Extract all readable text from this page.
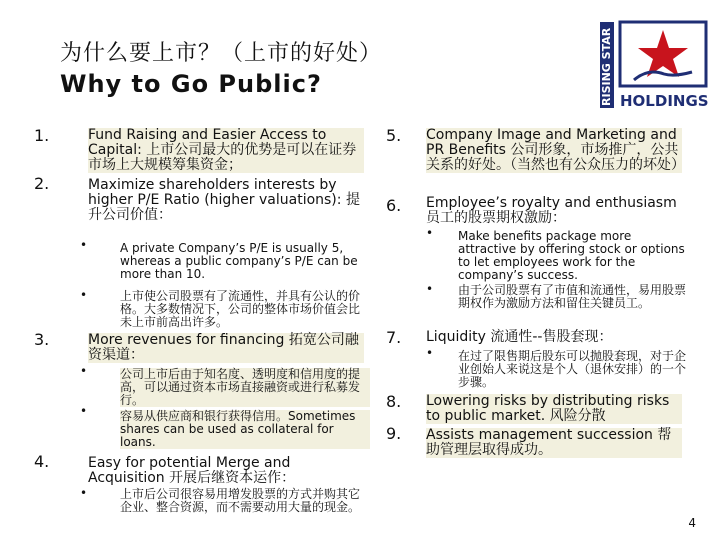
为什么要上市？（上市的好处）
Why to Go Public?	RISING STAR HOLDINGS
1.	Fund Raising and Easier Access to Capital: 上市公司最大的优势是可以在证券市场上大规模筹集资金；
2.	Maximize shareholders interests by higher P/E Ratio (higher valuations): 提升公司价值：
•	A private Company’s P/E is usually 5, whereas a public company’s P/E can be more than 10.
•	上市使公司股票有了流通性，并具有公认的价格。大多数情况下，公司的整体市场价值会比未上市前高出许多。
3.	More revenues for financing 拓宽公司融资渠道：
•	公司上市后由于知名度、透明度和信用度的提高，可以通过资本市场直接融资或进行私募发行。
•	容易从供应商和银行获得信用。Sometimes shares can be used as collateral for loans.
4.	Easy for potential Merge and Acquisition 开展后继资本运作：
•	上市后公司很容易用增发股票的方式并购其它企业、整合资源，而不需要动用大量的现金。
5. Company Image and Marketing and PR Benefits 公司形象，市场推广，公共关系的好处。（当然也有公众压力的坏处）
6. Employee’s royalty and enthusiasm员工的股票期权激励：
• Make benefits package more attractive by offering stock or options to let employees work for the company’s success.
• 由于公司股票有了市值和流通性，易用股票期权作为激励方法和留住关键员工。
7. Liquidity 流通性--售股套现：
• 在过了限售期后股东可以抛股套现，对于企业创始人来说这是个人（退休安排）的一个步骤。
8. Lowering risks by distributing risks to public market. 风险分散
9. Assists management succession 帮助管理层取得成功。
4
